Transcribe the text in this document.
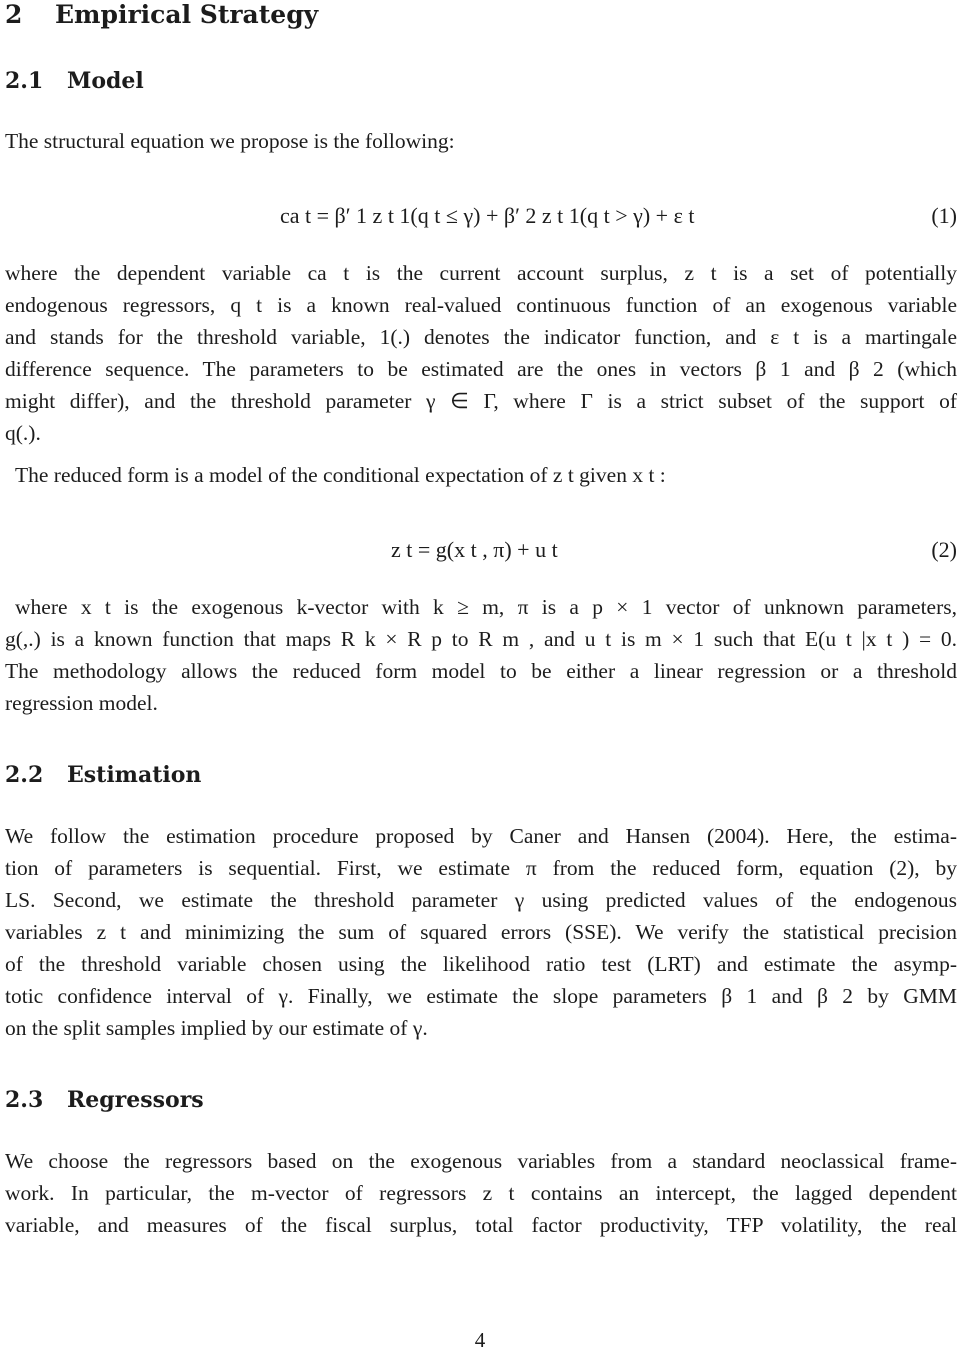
2 Empirical Strategy
2.1 Model
The structural equation we propose is the following:
ca t = β′ 1 z t 1(q t ≤ γ) + β′ 2 z t 1(q t > γ) + ε t	(1)
where the dependent variable ca t is the current account surplus, z t is a set of potentially
endogenous regressors, q t is a known real-valued continuous function of an exogenous variable
and stands for the threshold variable, 1(.) denotes the indicator function, and ε t is a martingale
difference sequence. The parameters to be estimated are the ones in vectors β 1 and β 2 (which
might differ), and the threshold parameter γ ∈ Γ, where Γ is a strict subset of the support of
q(.).
The reduced form is a model of the conditional expectation of z t given x t :
z t = g(x t , π) + u t	(2)
where x t is the exogenous k-vector with k ≥ m, π is a p × 1 vector of unknown parameters,
g(,.) is a known function that maps R k × R p to R m , and u t is m × 1 such that E(u t |x t ) = 0.
The methodology allows the reduced form model to be either a linear regression or a threshold
regression model.
2.2 Estimation
We follow the estimation procedure proposed by Caner and Hansen (2004). Here, the estima-
tion of parameters is sequential. First, we estimate π from the reduced form, equation (2), by
LS. Second, we estimate the threshold parameter γ using predicted values of the endogenous
variables z t and minimizing the sum of squared errors (SSE). We verify the statistical precision
of the threshold variable chosen using the likelihood ratio test (LRT) and estimate the asymp-
totic confidence interval of γ. Finally, we estimate the slope parameters β 1 and β 2 by GMM
on the split samples implied by our estimate of γ.
2.3 Regressors
We choose the regressors based on the exogenous variables from a standard neoclassical frame-
work. In particular, the m-vector of regressors z t contains an intercept, the lagged dependent
variable, and measures of the fiscal surplus, total factor productivity, TFP volatility, the real
4
